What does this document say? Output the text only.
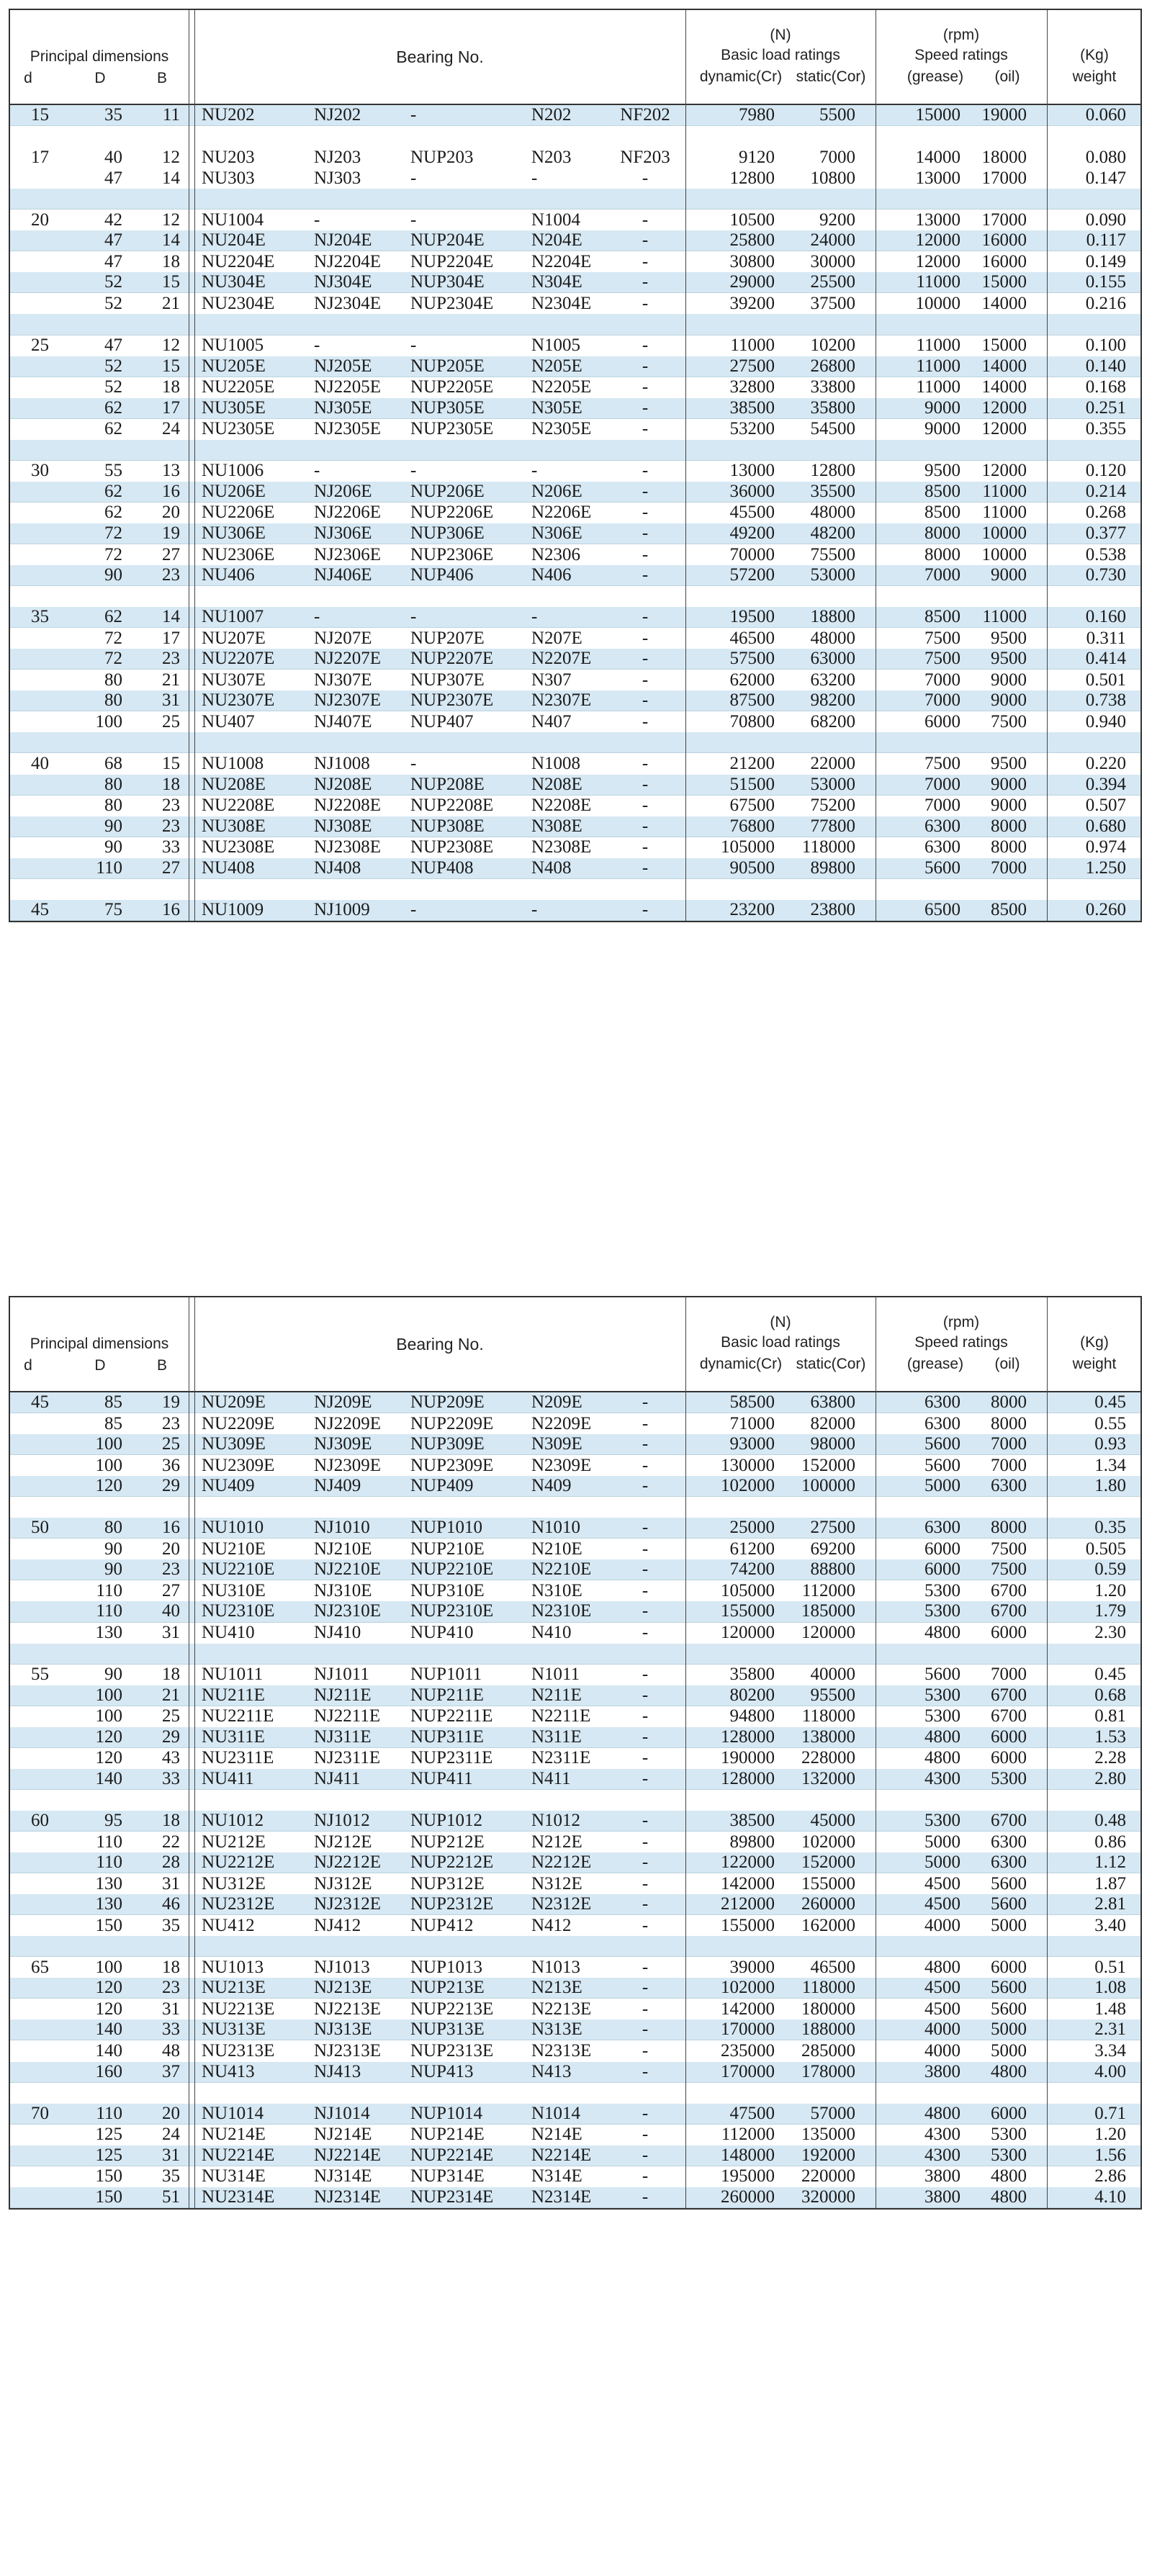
Principal dimensions
d	D	B
Bearing No.
(N)
Basic load ratings
dynamic(Cr) static(Cor)
(rpm)
Speed ratings
(grease)	(oil)
(Kg)
weight
15	35	11 NU202	NJ202	-	N202	NF202	7980	5500	15000	19000	0.060
17	40	12 NU203	NJ203	NUP203	N203	NF203	9120	7000	14000	18000	0.080
47	14 NU303	NJ303	-	-	-	12800	10800	13000	17000	0.147
20	42	12 NU1004	-	-	N1004	-	10500	9200	13000	17000	0.090
47	14 NU204E	NJ204E	NUP204E	N204E	-	25800	24000	12000	16000	0.117
47	18 NU2204E	NJ2204E	NUP2204E	N2204E	-	30800	30000	12000	16000	0.149
52	15 NU304E	NJ304E	NUP304E	N304E	-	29000	25500	11000	15000	0.155
52	21 NU2304E	NJ2304E	NUP2304E	N2304E	-	39200	37500	10000	14000	0.216
25	47	12 NU1005	-	-	N1005	-	11000	10200	11000	15000	0.100
52	15 NU205E	NJ205E	NUP205E	N205E	-	27500	26800	11000	14000	0.140
52	18 NU2205E	NJ2205E	NUP2205E	N2205E	-	32800	33800	11000	14000	0.168
62	17 NU305E	NJ305E	NUP305E	N305E	-	38500	35800	9000	12000	0.251
62	24 NU2305E	NJ2305E	NUP2305E	N2305E	-	53200	54500	9000	12000	0.355
30	55	13 NU1006	-	-	-	-	13000	12800	9500	12000	0.120
62	16 NU206E	NJ206E	NUP206E	N206E	-	36000	35500	8500	11000	0.214
62	20 NU2206E	NJ2206E	NUP2206E	N2206E	-	45500	48000	8500	11000	0.268
72	19 NU306E	NJ306E	NUP306E	N306E	-	49200	48200	8000	10000	0.377
72	27 NU2306E	NJ2306E	NUP2306E	N2306	-	70000	75500	8000	10000	0.538
90	23 NU406	NJ406E	NUP406	N406	-	57200	53000	7000	9000	0.730
35	62	14 NU1007	-	-	-	-	19500	18800	8500	11000	0.160
72	17 NU207E	NJ207E	NUP207E	N207E	-	46500	48000	7500	9500	0.311
72	23 NU2207E	NJ2207E	NUP2207E	N2207E	-	57500	63000	7500	9500	0.414
80	21 NU307E	NJ307E	NUP307E	N307	-	62000	63200	7000	9000	0.501
80	31 NU2307E	NJ2307E	NUP2307E	N2307E	-	87500	98200	7000	9000	0.738
100	25 NU407	NJ407E	NUP407	N407	-	70800	68200	6000	7500	0.940
40	68	15 NU1008	NJ1008	-	N1008	-	21200	22000	7500	9500	0.220
80	18 NU208E	NJ208E	NUP208E	N208E	-	51500	53000	7000	9000	0.394
80	23 NU2208E	NJ2208E	NUP2208E	N2208E	-	67500	75200	7000	9000	0.507
90	23 NU308E	NJ308E	NUP308E	N308E	-	76800	77800	6300	8000	0.680
90	33 NU2308E	NJ2308E	NUP2308E	N2308E	-	105000	118000	6300	8000	0.974
110	27 NU408	NJ408	NUP408	N408	-	90500	89800	5600	7000	1.250
45	75	16 NU1009	NJ1009	-	-	-	23200	23800	6500	8500	0.260
Principal dimensions
d	D	B
Bearing No.
(N)
Basic load ratings
dynamic(Cr) static(Cor)
(rpm)
Speed ratings
(grease)	(oil)
(Kg)
weight
45	85	19 NU209E	NJ209E	NUP209E	N209E	-	58500	63800	6300	8000	0.45
85	23 NU2209E	NJ2209E	NUP2209E	N2209E	-	71000	82000	6300	8000	0.55
100	25 NU309E	NJ309E	NUP309E	N309E	-	93000	98000	5600	7000	0.93
100	36 NU2309E	NJ2309E	NUP2309E	N2309E	-	130000	152000	5600	7000	1.34
120	29 NU409	NJ409	NUP409	N409	-	102000	100000	5000	6300	1.80
50	80	16 NU1010	NJ1010	NUP1010	N1010	-	25000	27500	6300	8000	0.35
90	20 NU210E	NJ210E	NUP210E	N210E	-	61200	69200	6000	7500	0.505
90	23 NU2210E	NJ2210E	NUP2210E	N2210E	-	74200	88800	6000	7500	0.59
110	27 NU310E	NJ310E	NUP310E	N310E	-	105000	112000	5300	6700	1.20
110	40 NU2310E	NJ2310E	NUP2310E	N2310E	-	155000	185000	5300	6700	1.79
130	31 NU410	NJ410	NUP410	N410	-	120000	120000	4800	6000	2.30
55	90	18 NU1011	NJ1011	NUP1011	N1011	-	35800	40000	5600	7000	0.45
100	21 NU211E	NJ211E	NUP211E	N211E	-	80200	95500	5300	6700	0.68
100	25 NU2211E	NJ2211E	NUP2211E	N2211E	-	94800	118000	5300	6700	0.81
120	29 NU311E	NJ311E	NUP311E	N311E	-	128000	138000	4800	6000	1.53
120	43 NU2311E	NJ2311E	NUP2311E	N2311E	-	190000	228000	4800	6000	2.28
140	33 NU411	NJ411	NUP411	N411	-	128000	132000	4300	5300	2.80
60	95	18 NU1012	NJ1012	NUP1012	N1012	-	38500	45000	5300	6700	0.48
110	22 NU212E	NJ212E	NUP212E	N212E	-	89800	102000	5000	6300	0.86
110	28 NU2212E	NJ2212E	NUP2212E	N2212E	-	122000	152000	5000	6300	1.12
130	31 NU312E	NJ312E	NUP312E	N312E	-	142000	155000	4500	5600	1.87
130	46 NU2312E	NJ2312E	NUP2312E	N2312E	-	212000	260000	4500	5600	2.81
150	35 NU412	NJ412	NUP412	N412	-	155000	162000	4000	5000	3.40
65	100	18 NU1013	NJ1013	NUP1013	N1013	-	39000	46500	4800	6000	0.51
120	23 NU213E	NJ213E	NUP213E	N213E	-	102000	118000	4500	5600	1.08
120	31 NU2213E	NJ2213E	NUP2213E	N2213E	-	142000	180000	4500	5600	1.48
140	33 NU313E	NJ313E	NUP313E	N313E	-	170000	188000	4000	5000	2.31
140	48 NU2313E	NJ2313E	NUP2313E	N2313E	-	235000	285000	4000	5000	3.34
160	37 NU413	NJ413	NUP413	N413	-	170000	178000	3800	4800	4.00
70	110	20 NU1014	NJ1014	NUP1014	N1014	-	47500	57000	4800	6000	0.71
125	24 NU214E	NJ214E	NUP214E	N214E	-	112000	135000	4300	5300	1.20
125	31 NU2214E	NJ2214E	NUP2214E	N2214E	-	148000	192000	4300	5300	1.56
150	35 NU314E	NJ314E	NUP314E	N314E	-	195000	220000	3800	4800	2.86
150	51 NU2314E	NJ2314E	NUP2314E	N2314E	-	260000	320000	3800	4800	4.10
